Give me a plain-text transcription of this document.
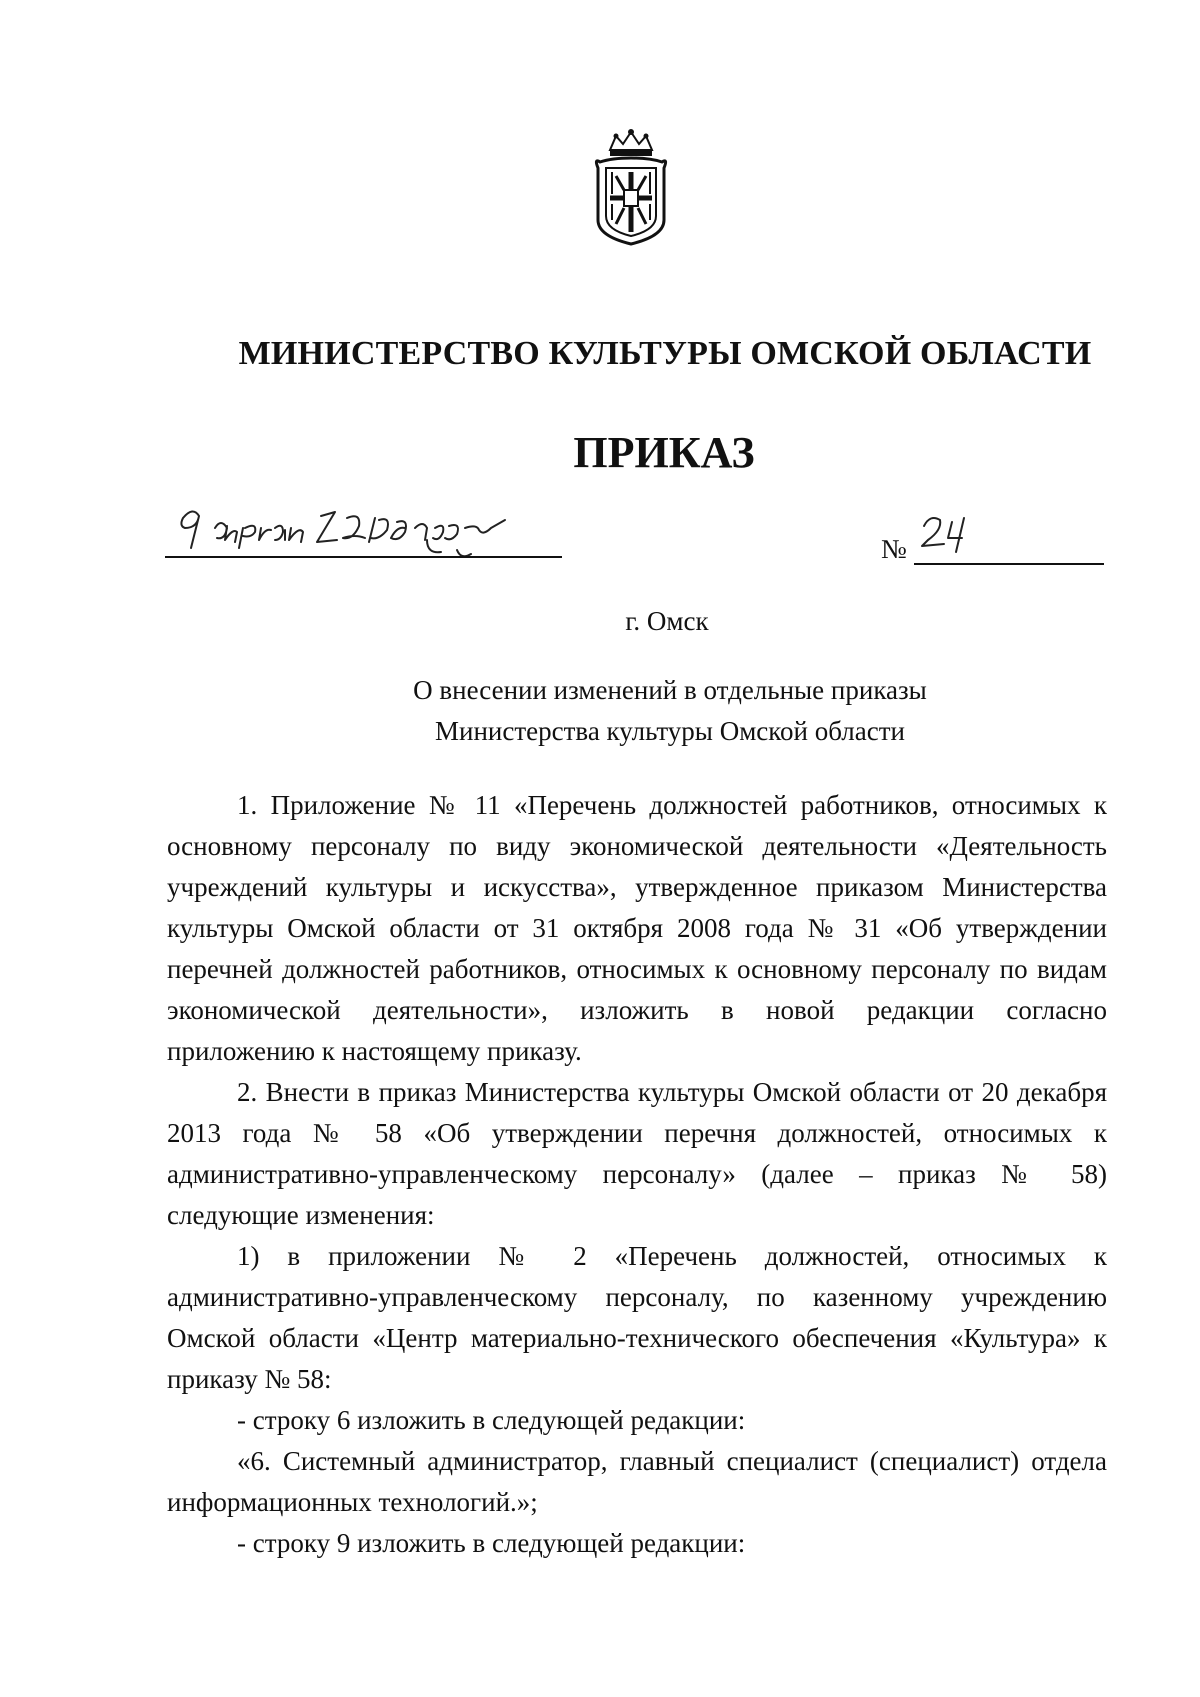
МИНИСТЕРСТВО КУЛЬТУРЫ ОМСКОЙ ОБЛАСТИ
ПРИКАЗ
№
г. Омск
О внесении изменений в отдельные приказы
Министерства культуры Омской области

1. Приложение № 11 «Перечень должностей работников, относимых к основному персоналу по виду экономической деятельности «Деятельность учреждений культуры и искусства», утвержденное приказом Министерства культуры Омской области от 31 октября 2008 года № 31 «Об утверждении перечней должностей работников, относимых к основному персоналу по видам экономической деятельности», изложить в новой редакции согласно приложению к настоящему приказу.

2. Внести в приказ Министерства культуры Омской области от 20 декабря 2013 года № 58 «Об утверждении перечня должностей, относимых к административно-управленческому персоналу» (далее – приказ № 58) следующие изменения:

1) в приложении № 2 «Перечень должностей, относимых к административно-управленческому персоналу, по казенному учреждению Омской области «Центр материально-технического обеспечения «Культура» к приказу № 58:

- строку 6 изложить в следующей редакции:

«6. Системный администратор, главный специалист (специалист) отдела информационных технологий.»;

- строку 9 изложить в следующей редакции:
